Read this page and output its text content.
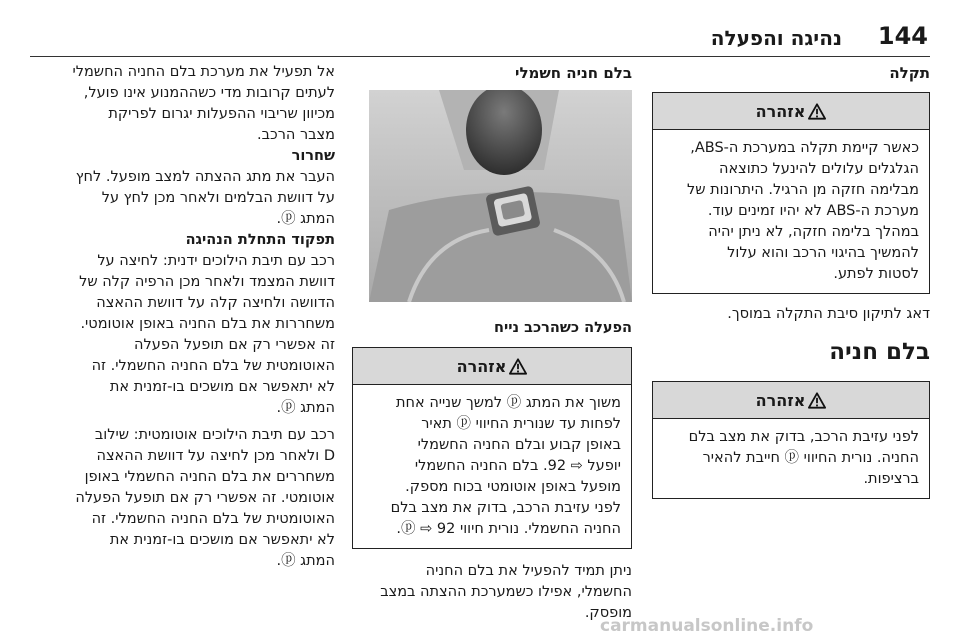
144
נהיגה והפעלה

תקלה

אזהרה

כאשר קיימת תקלה במערכת ה-ABS,

הגלגלים עלולים להינעל כתוצאה

מבלימה חזקה מן הרגיל. היתרונות של

מערכת ה-ABS לא יהיו זמינים עוד.

במהלך בלימה חזקה, לא ניתן יהיה

להמשיך בהיגוי הרכב והוא עלול

לסטות לפתע.

דאג לתיקון סיבת התקלה במוסך.

בלם חניה

אזהרה

לפני עזיבת הרכב, בדוק את מצב בלם

החניה. נורית החיווי ⓟ חייבת להאיר

ברציפות.

בלם חניה חשמלי

הפעלה כשהרכב נייח

אזהרה

משוך את המתג ⓟ למשך שנייה אחת

לפחות עד שנורית החיווי ⓟ תאיר

באופן קבוע ובלם החניה החשמלי

יופעל ⇨ 92. בלם החניה החשמלי

מופעל באופן אוטומטי בכוח מספק.

לפני עזיבת הרכב, בדוק את מצב בלם

החניה החשמלי. נורית חיווי ⓟ ⇨ 92.

ניתן תמיד להפעיל את בלם החניה

החשמלי, אפילו כשמערכת ההצתה במצב

מופסק.

אל תפעיל את מערכת בלם החניה החשמלי

לעתים קרובות מדי כשההמנוע אינו פועל,

מכיוון שריבוי ההפעלות יגרום לפריקת

מצבר הרכב.

שחרור

העבר את מתג ההצתה למצב מופעל. לחץ

על דוושת הבלמים ולאחר מכן לחץ על

המתג ⓟ.

תפקוד התחלת הנהיגה

רכב עם תיבת הילוכים ידנית: לחיצה על

דוושת המצמד ולאחר מכן הרפיה קלה של

הדוושה ולחיצה קלה על דוושת ההאצה

משחררות את בלם החניה באופן אוטומטי.

זה אפשרי רק אם תופעל הפעלה

האוטומטית של בלם החניה החשמלי. זה

לא יתאפשר אם מושכים בו-זמנית את

המתג ⓟ.

רכב עם תיבת הילוכים אוטומטית: שילוב

D ולאחר מכן לחיצה על דוושת ההאצה

משחררים את בלם החניה החשמלי באופן

אוטומטי. זה אפשרי רק אם תופעל הפעלה

האוטומטית של בלם החניה החשמלי. זה

לא יתאפשר אם מושכים בו-זמנית את

המתג ⓟ.

carmanualsonline.info
